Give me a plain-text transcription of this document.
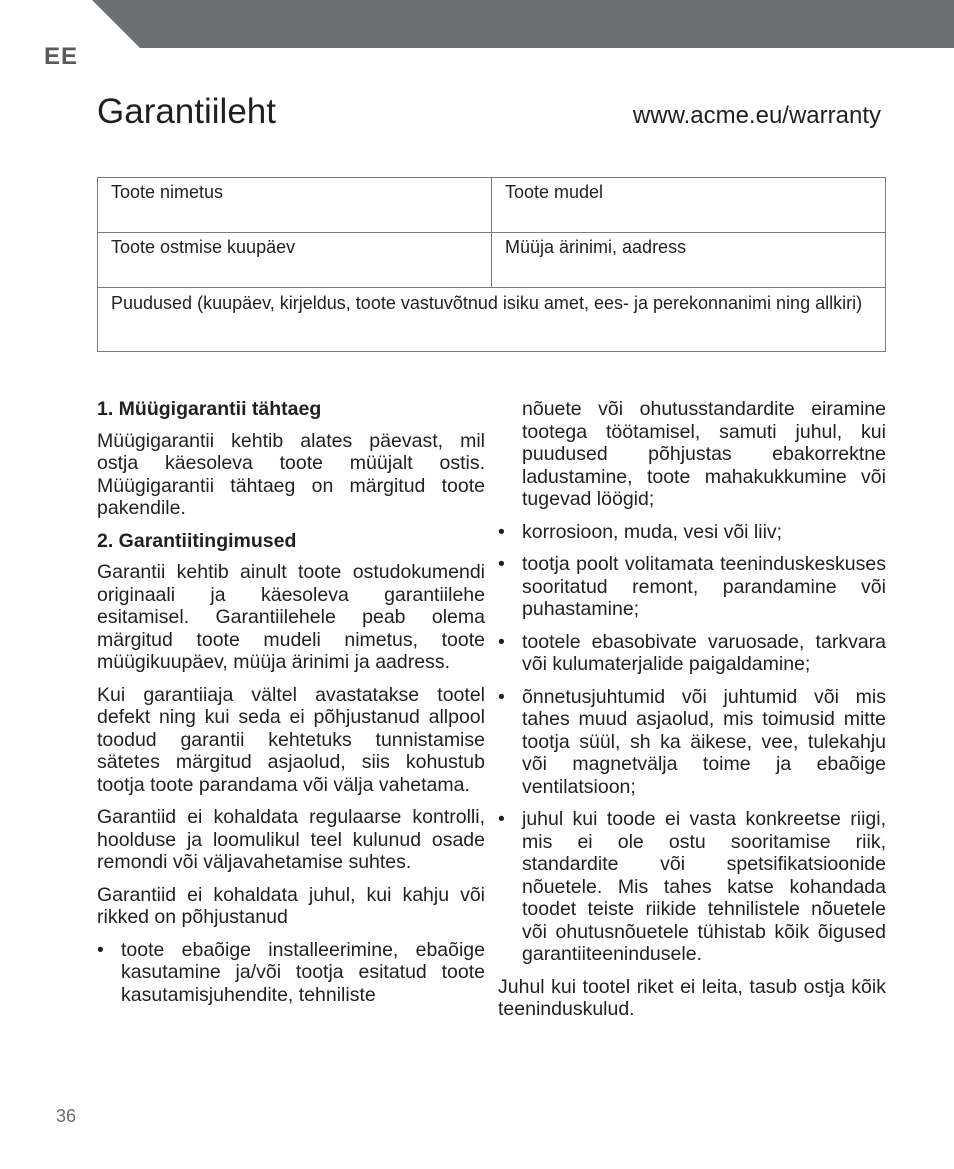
EE
Garantiileht	www.acme.eu/warranty
Toote nimetus	Toote mudel
Toote ostmise kuupäev	Müüja ärinimi, aadress
Puudused (kuupäev, kirjeldus, toote vastuvõtnud isiku amet, ees- ja perekonnanimi ning allkiri)	
1. Müügigarantii tähtaeg

Müügigarantii kehtib alates päevast, mil ostja käesoleva toote müüjalt ostis. Müügigarantii tähtaeg on märgitud toote pakendile.

2. Garantiitingimused

Garantii kehtib ainult toote ostudokumendi originaali ja käesoleva garantiilehe esitamisel. Garantiilehele peab olema märgitud toote mudeli nimetus, toote müügikuupäev, müüja ärinimi ja aadress.

Kui garantiiaja vältel avastatakse tootel defekt ning kui seda ei põhjustanud allpool toodud garantii kehtetuks tunnistamise sätetes märgitud asjaolud, siis kohustub tootja toote parandama või välja vahetama.

Garantiid ei kohaldata regulaarse kontrolli, hoolduse ja loomulikul teel kulunud osade remondi või väljavahetamise suhtes.

Garantiid ei kohaldata juhul, kui kahju või rikked on põhjustanud

• toote ebaõige installeerimine, ebaõige kasutamine ja/või tootja esitatud toote kasutamisjuhendite, tehniliste
nõuete või ohutusstandardite eiramine tootega töötamisel, samuti juhul, kui puudused põhjustas ebakorrektne ladustamine, toote mahakukkumine või tugevad löögid;
• korrosioon, muda, vesi või liiv;
• tootja poolt volitamata teeninduskeskuses sooritatud remont, parandamine või puhastamine;
• tootele ebasobivate varuosade, tarkvara või kulumaterjalide paigaldamine;
• õnnetusjuhtumid või juhtumid või mis tahes muud asjaolud, mis toimusid mitte tootja süül, sh ka äikese, vee, tulekahju või magnetvälja toime ja ebaõige ventilatsioon;
• juhul kui toode ei vasta konkreetse riigi, mis ei ole ostu sooritamise riik, standardite või spetsifikatsioonide nõuetele. Mis tahes katse kohandada toodet teiste riikide tehnilistele nõuetele või ohutusnõuetele tühistab kõik õigused garantiiteenindusele.

Juhul kui tootel riket ei leita, tasub ostja kõik teeninduskulud.

36
